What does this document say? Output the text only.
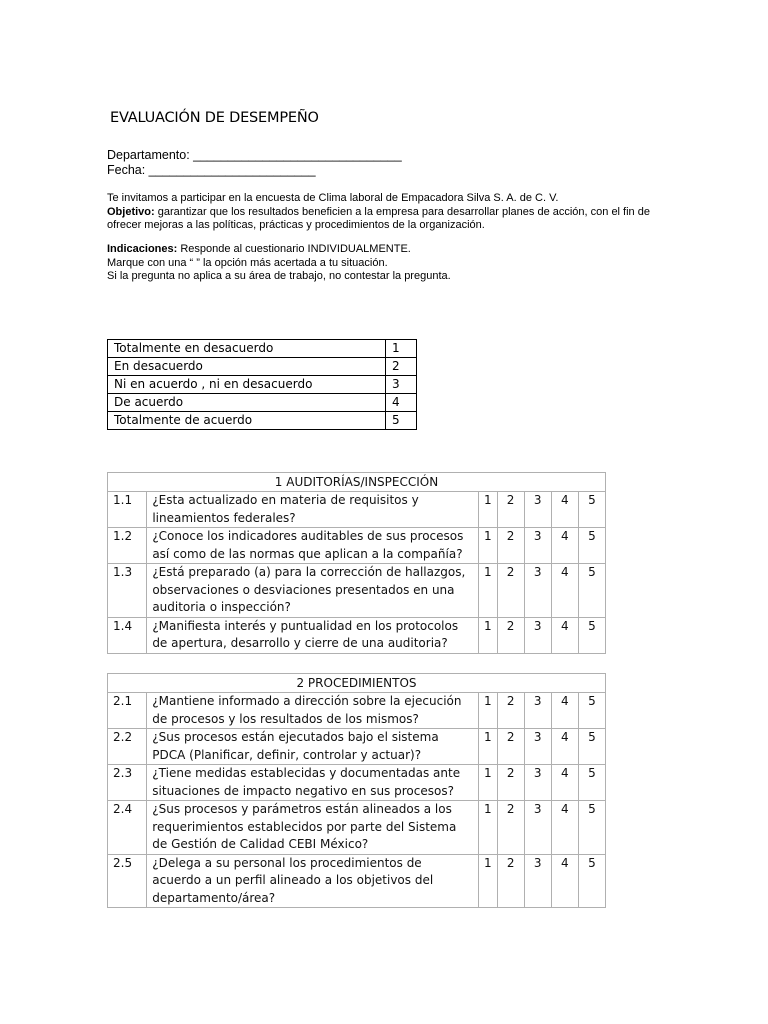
EVALUACIÓN DE DESEMPEÑO
Departamento: ______________________________
Fecha: ________________________
Te invitamos a participar en la encuesta de Clima laboral de Empacadora Silva S. A. de C. V.
Objetivo: garantizar que los resultados beneficien a la empresa para desarrollar planes de acción, con el fin de ofrecer mejoras a las políticas, prácticas y procedimientos de la organización.
Indicaciones: Responde al cuestionario INDIVIDUALMENTE.
Marque con una “ ” la opción más acertada a tu situación.
Si la pregunta no aplica a su área de trabajo, no contestar la pregunta.
Totalmente en desacuerdo	1
En desacuerdo	2
Ni en acuerdo , ni en desacuerdo	3
De acuerdo	4
Totalmente de acuerdo	5
1 AUDITORÍAS/INSPECCIÓN						
1.1	¿Esta actualizado en materia de requisitos y lineamientos federales?	1	2	3	4	5
1.2	¿Conoce los indicadores auditables de sus procesos así como de las normas que aplican a la compañía?	1	2	3	4	5
1.3	¿Está preparado (a) para la corrección de hallazgos, observaciones o desviaciones presentados en una auditoria o inspección?	1	2	3	4	5
1.4	¿Manifiesta interés y puntualidad en los protocolos de apertura, desarrollo y cierre de una auditoria?	1	2	3	4	5
2 PROCEDIMIENTOS						
2.1	¿Mantiene informado a dirección sobre la ejecución de procesos y los resultados de los mismos?	1	2	3	4	5
2.2	¿Sus procesos están ejecutados bajo el sistema PDCA (Planificar, definir, controlar y actuar)?	1	2	3	4	5
2.3	¿Tiene medidas establecidas y documentadas ante situaciones de impacto negativo en sus procesos?	1	2	3	4	5
2.4	¿Sus procesos y parámetros están alineados a los requerimientos establecidos por parte del Sistema de Gestión de Calidad CEBI México?	1	2	3	4	5
2.5	¿Delega a su personal los procedimientos de acuerdo a un perfil alineado a los objetivos del departamento/área?	1	2	3	4	5
